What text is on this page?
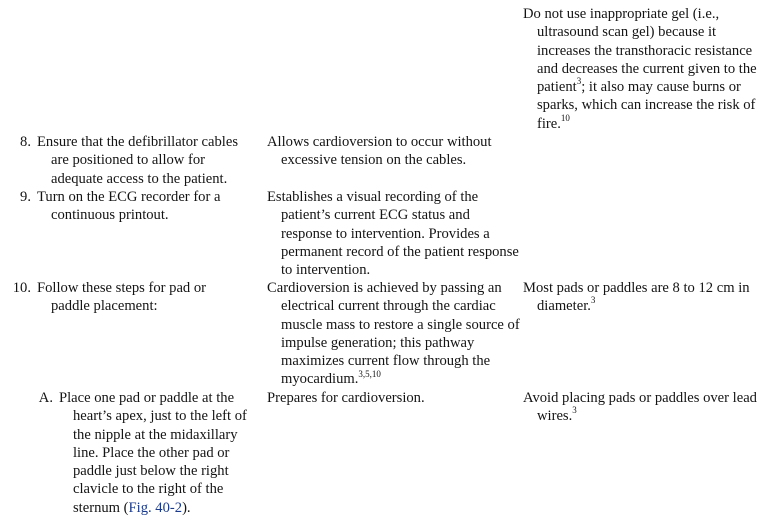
Do not use inappropriate gel (i.e., ultrasound scan gel) because it increases the transthoracic resistance and decreases the current given to the patient$^3$; it also may cause burns or sparks, which can increase the risk of fire.$^{10}$
8. Ensure that the defibrillator cables are positioned to allow for adequate access to the patient.
Allows cardioversion to occur without excessive tension on the cables.
9. Turn on the ECG recorder for a continuous printout.
Establishes a visual recording of the patient’s current ECG status and response to intervention. Provides a permanent record of the patient response to intervention.
10. Follow these steps for pad or paddle placement:
Cardioversion is achieved by passing an electrical current through the cardiac muscle mass to restore a single source of impulse generation; this pathway maximizes current flow through the myocardium.$^{3,5,10}$
Most pads or paddles are 8 to 12 cm in diameter.$^3$
A. Place one pad or paddle at the heart’s apex, just to the left of the nipple at the midaxillary line. Place the other pad or paddle just below the right clavicle to the right of the sternum (Fig. 40-2).
Prepares for cardioversion.	Avoid placing pads or paddles over lead wires.$^3$
